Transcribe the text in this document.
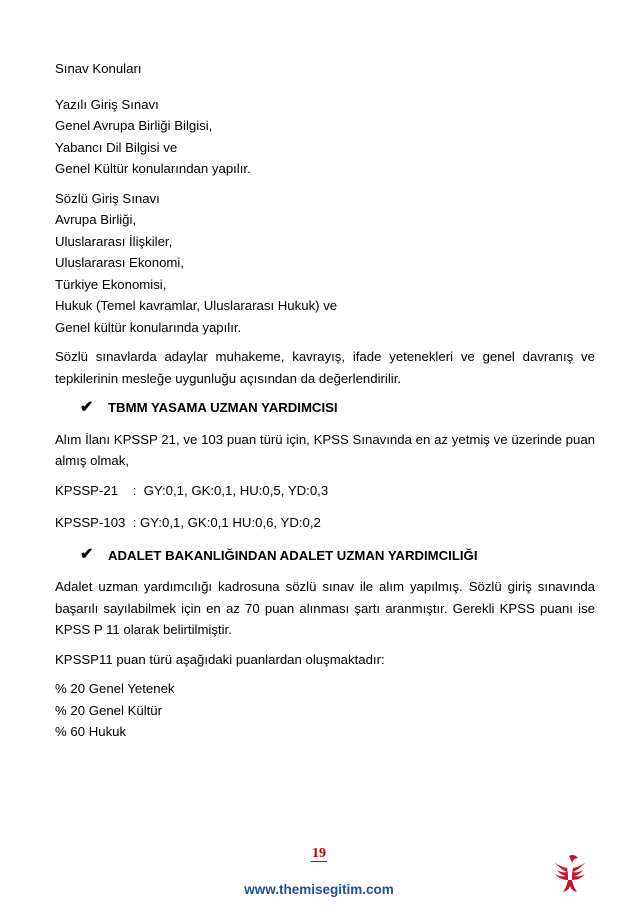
Sınav Konuları
Yazılı Giriş Sınavı
Genel Avrupa Birliği Bilgisi,
Yabancı Dil Bilgisi ve
Genel Kültür konularından yapılır.
Sözlü Giriş Sınavı
Avrupa Birliği,
Uluslararası İlişkiler,
Uluslararası Ekonomi,
Türkiye Ekonomisi,
Hukuk (Temel kavramlar, Uluslararası Hukuk) ve
Genel kültür konularında yapılır.
Sözlü sınavlarda adaylar muhakeme, kavrayış, ifade yetenekleri ve genel davranış ve tepkilerinin mesleğe uygunluğu açısından da değerlendirilir.
✔	TBMM YASAMA UZMAN YARDIMCISI
Alım İlanı KPSSP 21, ve 103 puan türü için, KPSS Sınavında en az yetmiş ve üzerinde puan almış olmak,
KPSSP-21    :  GY:0,1, GK:0,1, HU:0,5, YD:0,3
KPSSP-103  : GY:0,1, GK:0,1 HU:0,6, YD:0,2
✔	ADALET BAKANLIĞINDAN ADALET UZMAN YARDIMCILIĞI
Adalet uzman yardımcılığı kadrosuna sözlü sınav ile alım yapılmış. Sözlü giriş sınavında başarılı sayılabilmek için en az 70 puan alınması şartı aranmıştır. Gerekli KPSS puanı ise KPSS P 11 olarak belirtilmiştir.
KPSSP11 puan türü aşağıdaki puanlardan oluşmaktadır:
% 20 Genel Yetenek
% 20 Genel Kültür
% 60 Hukuk
19
www.themisegitim.com
